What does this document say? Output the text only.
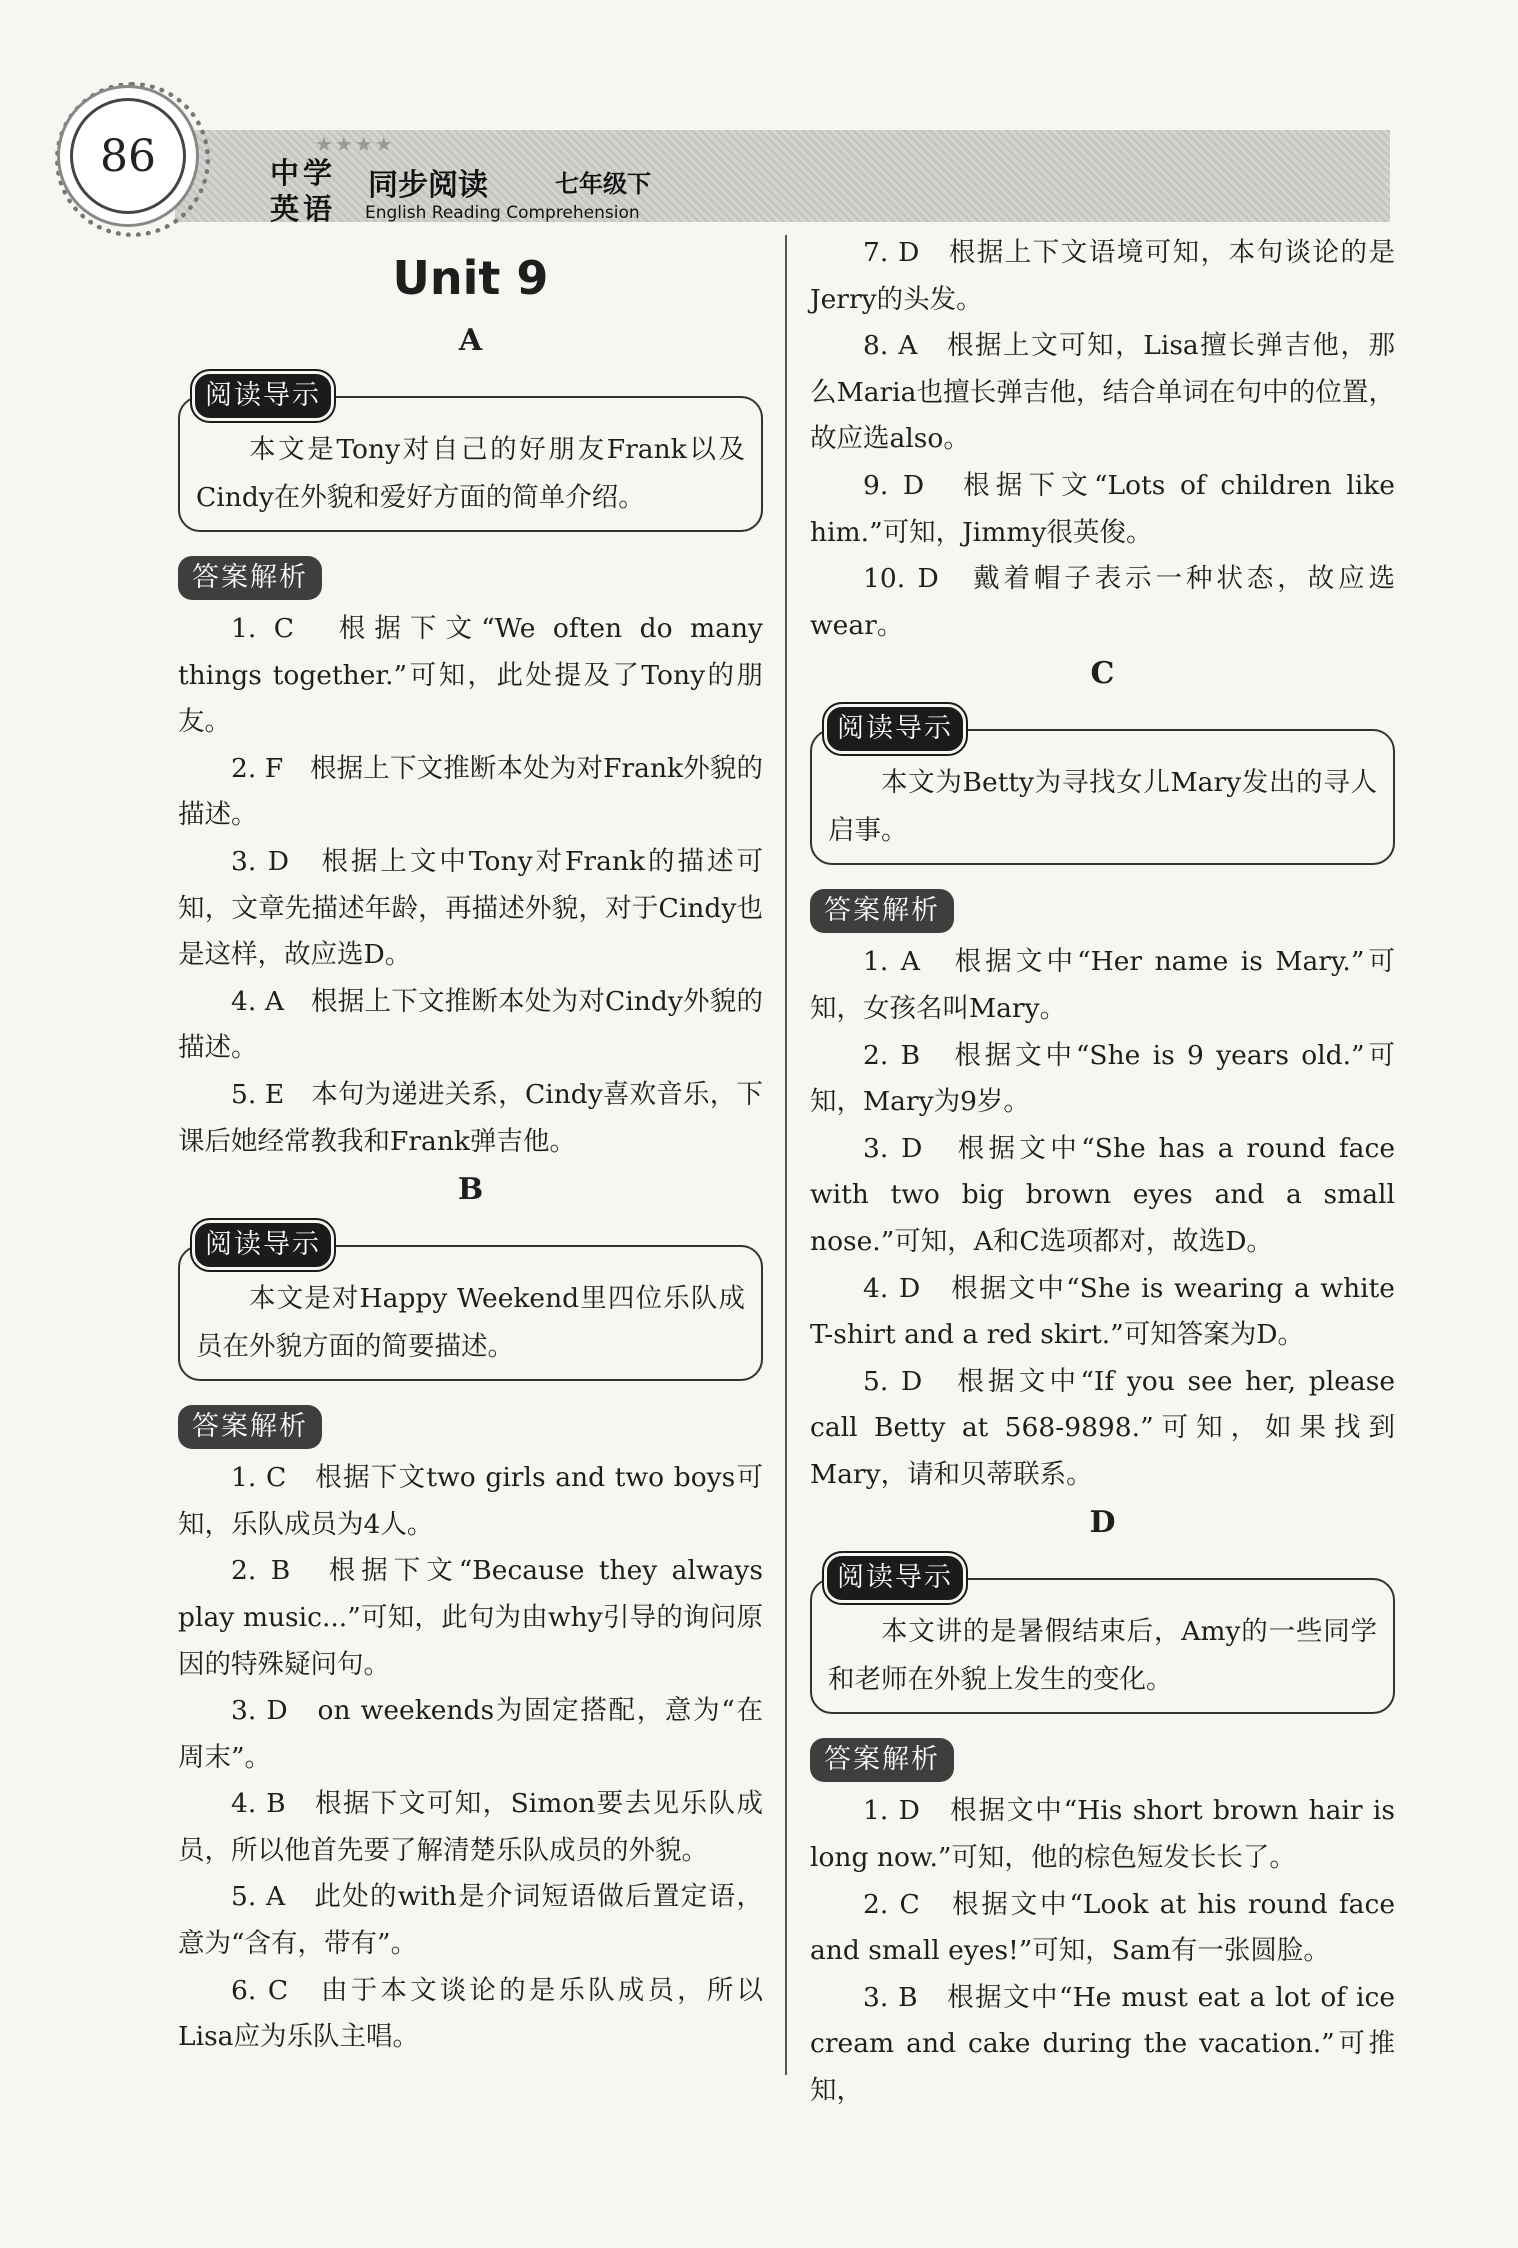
86	★★★★
中学
英语
同步阅读	七年级下
English Reading Comprehension
Unit 9
A
阅读导示
本文是Tony对自己的好朋友Frank以及Cindy在外貌和爱好方面的简单介绍。
答案解析

1. C　根据下文“We often do many things together.”可知，此处提及了Tony的朋友。

2. F　根据上下文推断本处为对Frank外貌的描述。

3. D　根据上文中Tony对Frank的描述可知，文章先描述年龄，再描述外貌，对于Cindy也是这样，故应选D。

4. A　根据上下文推断本处为对Cindy外貌的描述。

5. E　本句为递进关系，Cindy喜欢音乐，下课后她经常教我和Frank弹吉他。

B
阅读导示
本文是对Happy Weekend里四位乐队成员在外貌方面的简要描述。
答案解析

1. C　根据下文two girls and two boys可知，乐队成员为4人。

2. B　根据下文“Because they always play music...”可知，此句为由why引导的询问原因的特殊疑问句。

3. D　on weekends为固定搭配，意为“在周末”。

4. B　根据下文可知，Simon要去见乐队成员，所以他首先要了解清楚乐队成员的外貌。

5. A　此处的with是介词短语做后置定语，意为“含有，带有”。

6. C　由于本文谈论的是乐队成员，所以Lisa应为乐队主唱。

7. D　根据上下文语境可知，本句谈论的是Jerry的头发。

8. A　根据上文可知，Lisa擅长弹吉他，那么Maria也擅长弹吉他，结合单词在句中的位置，故应选also。

9. D　根据下文“Lots of children like him.”可知，Jimmy很英俊。

10. D　戴着帽子表示一种状态，故应选wear。

C
阅读导示
本文为Betty为寻找女儿Mary发出的寻人启事。
答案解析

1. A　根据文中“Her name is Mary.”可知，女孩名叫Mary。

2. B　根据文中“She is 9 years old.”可知，Mary为9岁。

3. D　根据文中“She has a round face with two big brown eyes and a small nose.”可知，A和C选项都对，故选D。

4. D　根据文中“She is wearing a white T-shirt and a red skirt.”可知答案为D。

5. D　根据文中“If you see her, please call Betty at 568-9898.”可知，如果找到Mary，请和贝蒂联系。

D
阅读导示
本文讲的是暑假结束后，Amy的一些同学和老师在外貌上发生的变化。
答案解析

1. D　根据文中“His short brown hair is long now.”可知，他的棕色短发长长了。

2. C　根据文中“Look at his round face and small eyes!”可知，Sam有一张圆脸。

3. B　根据文中“He must eat a lot of ice cream and cake during the vacation.”可推知，
